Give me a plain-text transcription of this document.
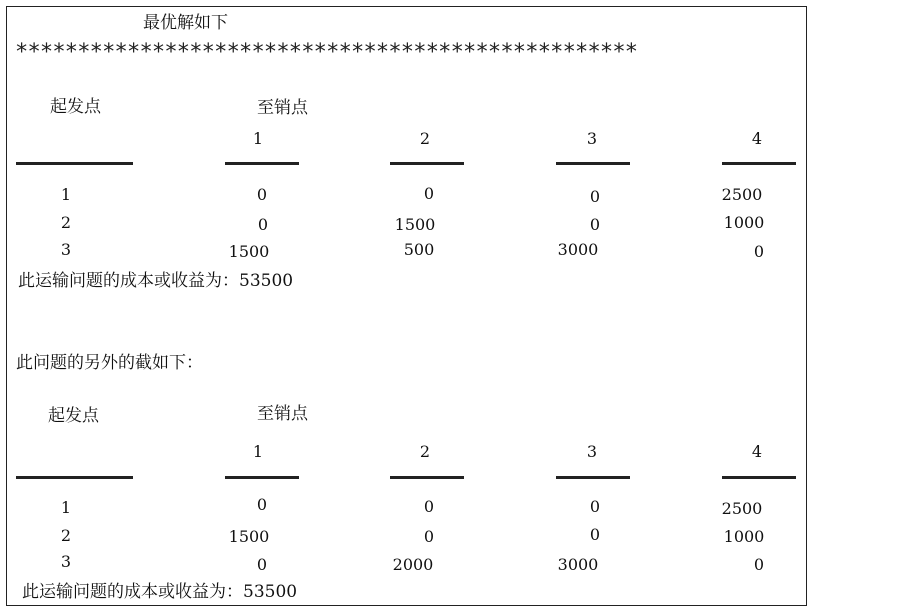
最优解如下
**************************************************
起发点	至销点
1	2	3	4
1	0	0	0	2500
2	0	1500	0	1000
3	1500	500	3000	0
此运输问题的成本或收益为：53500
此问题的另外的截如下：
起发点	至销点
1	2	3	4
1	0	0	0	2500
2	1500	0	0	1000
3	0	2000	3000	0
此运输问题的成本或收益为：53500
